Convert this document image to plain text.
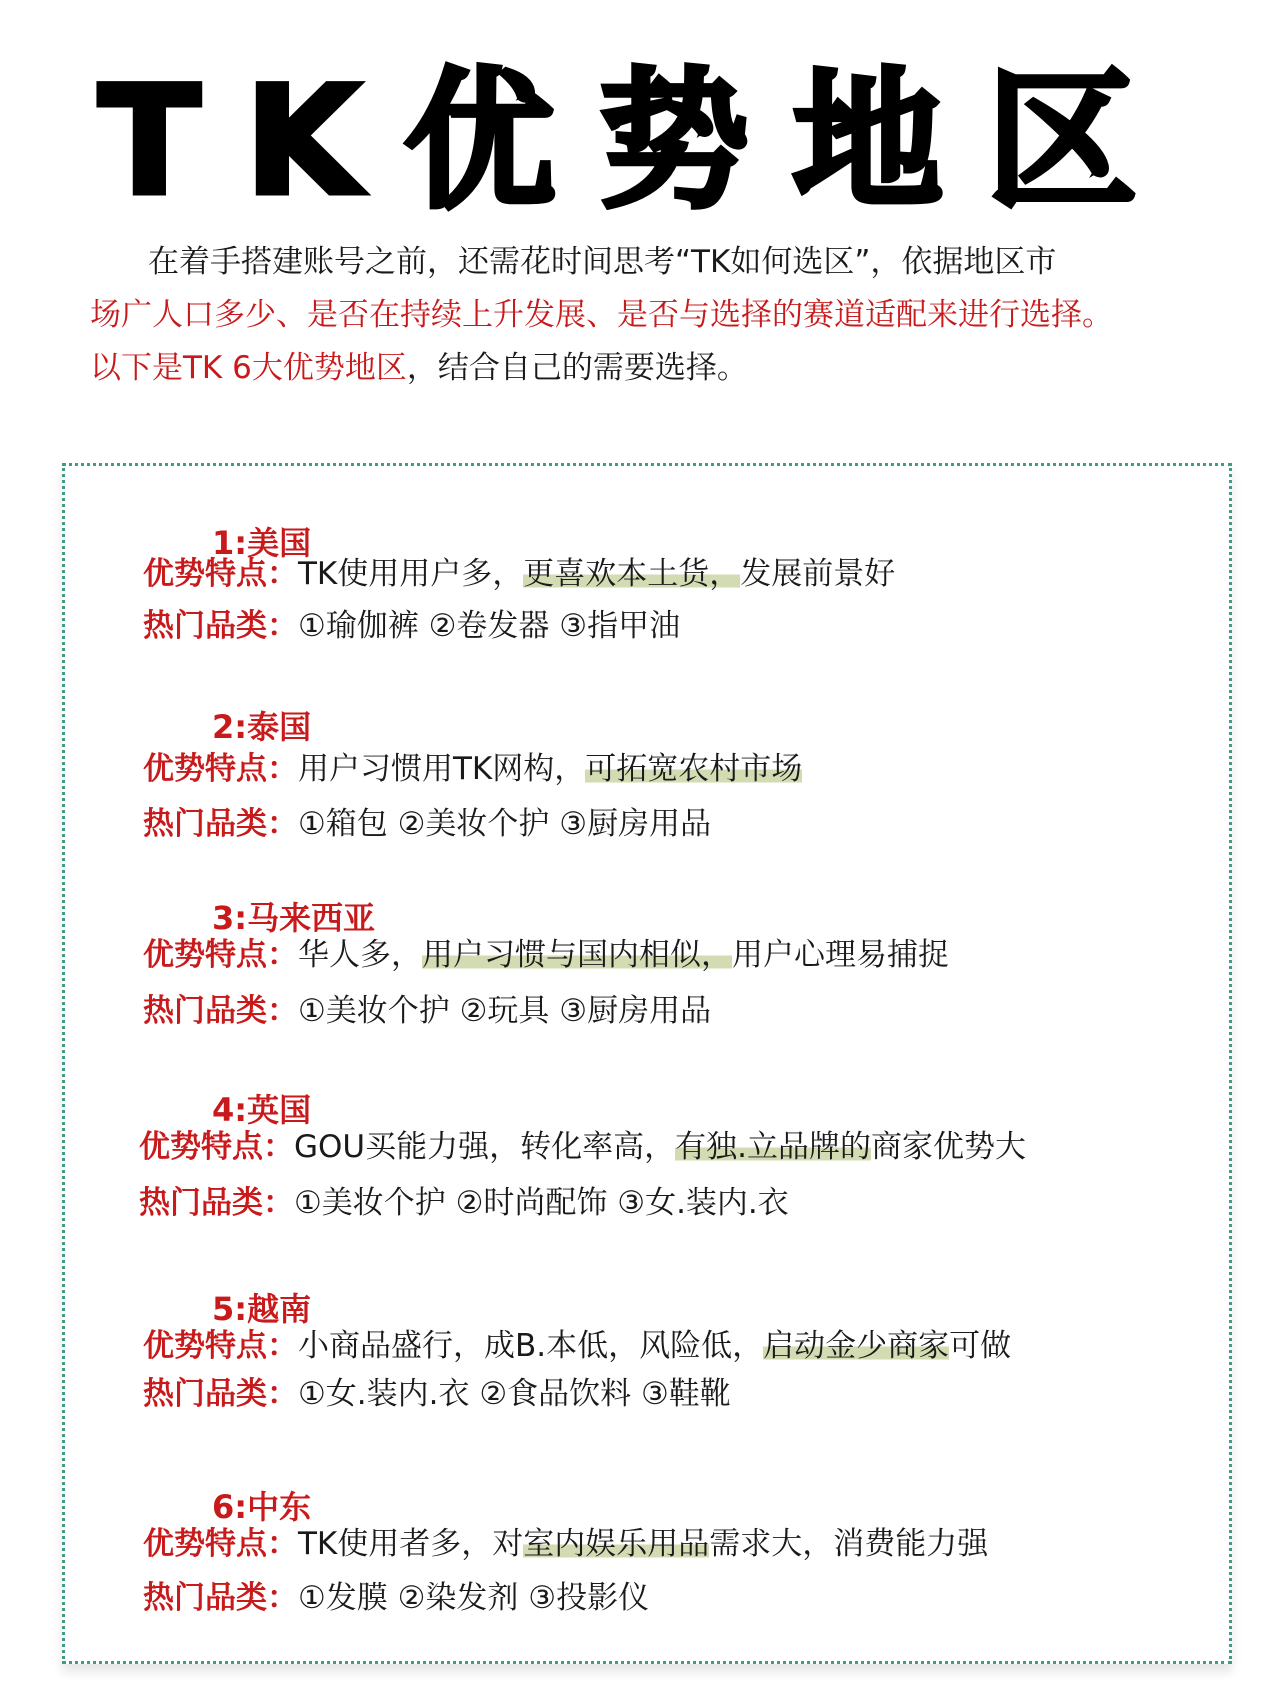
TK优势地区
在着手搭建账号之前，还需花时间思考“TK如何选区”，依据地区市
场广人口多少、是否在持续上升发展、是否与选择的赛道适配来进行选择。
以下是TK 6大优势地区，结合自己的需要选择。
1:美国
优势特点：TK使用用户多，更喜欢本土货，发展前景好
热门品类：①瑜伽裤 ②卷发器 ③指甲油
2:泰国
优势特点：用户习惯用TK网构，可拓宽农村市场
热门品类：①箱包 ②美妆个护 ③厨房用品
3:马来西亚
优势特点：华人多，用户习惯与国内相似，用户心理易捕捉
热门品类：①美妆个护 ②玩具 ③厨房用品
4:英国
优势特点：GOU买能力强，转化率高，有独.立品牌的商家优势大
热门品类：①美妆个护 ②时尚配饰 ③女.装内.衣
5:越南
优势特点：小商品盛行，成B.本低，风险低，启动金少商家可做
热门品类：①女.装内.衣 ②食品饮料 ③鞋靴
6:中东
优势特点：TK使用者多，对室内娱乐用品需求大，消费能力强
热门品类：①发膜 ②染发剂 ③投影仪
